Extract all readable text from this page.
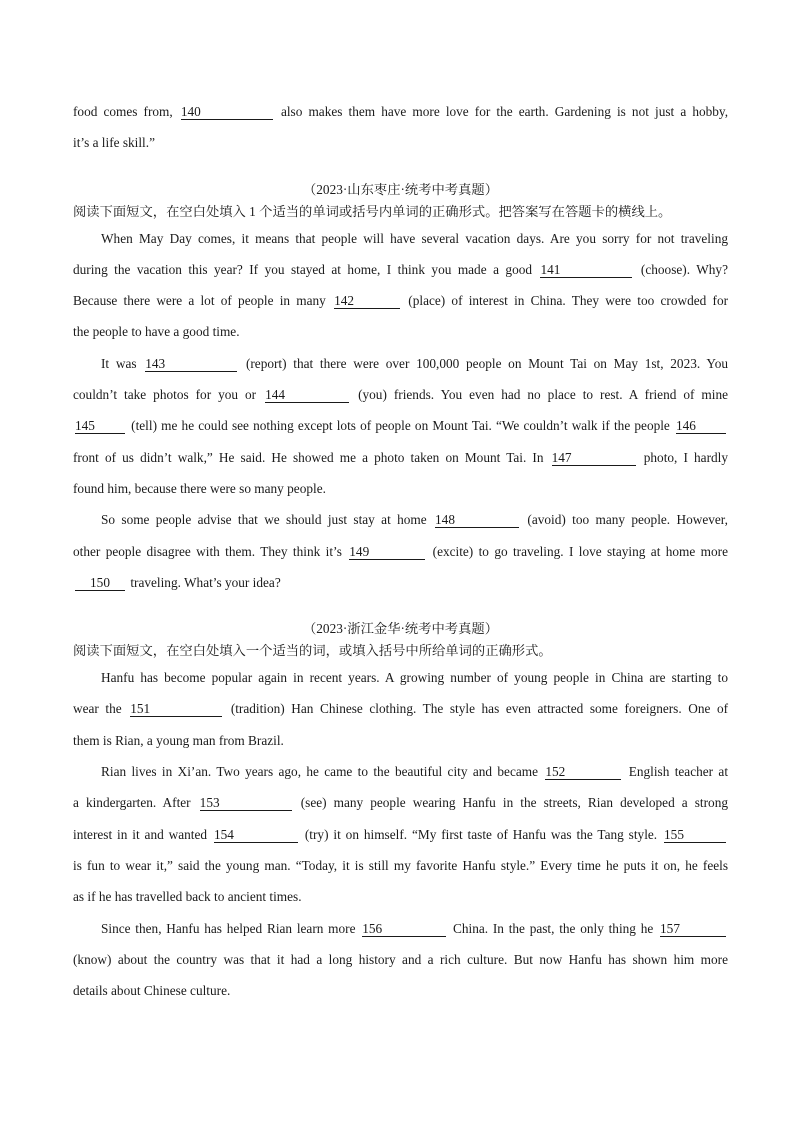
food comes from, 140	also makes them have more love for the earth. Gardening is not just a hobby,
it’s a life skill.”
（2023·山东枣庄·统考中考真题）
阅读下面短文，在空白处填入 1 个适当的单词或括号内单词的正确形式。把答案写在答题卡的横线上。
When May Day comes, it means that people will have several vacation days. Are you sorry for not traveling
during the vacation this year? If you stayed at home, I think you made a good 141	(choose). Why?
Because there were a lot of people in many 142	(place) of interest in China. They were too crowded for
the people to have a good time.
It was 143	(report) that there were over 100,000 people on Mount Tai on May 1st, 2023. You
couldn’t take photos for you or 144	(you) friends. You even had no place to rest. A friend of mine
145	(tell) me he could see nothing except lots of people on Mount Tai. “We couldn’t walk if the people 146
front of us didn’t walk,” He said. He showed me a photo taken on Mount Tai. In 147	photo, I hardly
found him, because there were so many people.
So some people advise that we should just stay at home 148	(avoid) too many people. However,
other people disagree with them. They think it’s 149	(excite) to go traveling. I love staying at home more
150 traveling. What’s your idea?
（2023·浙江金华·统考中考真题）
阅读下面短文，在空白处填入一个适当的词，或填入括号中所给单词的正确形式。
Hanfu has become popular again in recent years. A growing number of young people in China are starting to
wear the 151	(tradition) Han Chinese clothing. The style has even attracted some foreigners. One of
them is Rian, a young man from Brazil.
Rian lives in Xi’an. Two years ago, he came to the beautiful city and became 152	English teacher at
a kindergarten. After 153	(see) many people wearing Hanfu in the streets, Rian developed a strong
interest in it and wanted 154	(try) it on himself. “My first taste of Hanfu was the Tang style. 155
is fun to wear it,” said the young man. “Today, it is still my favorite Hanfu style.” Every time he puts it on, he feels
as if he has travelled back to ancient times.
Since then, Hanfu has helped Rian learn more 156	China. In the past, the only thing he 157
(know) about the country was that it had a long history and a rich culture. But now Hanfu has shown him more
details about Chinese culture.
